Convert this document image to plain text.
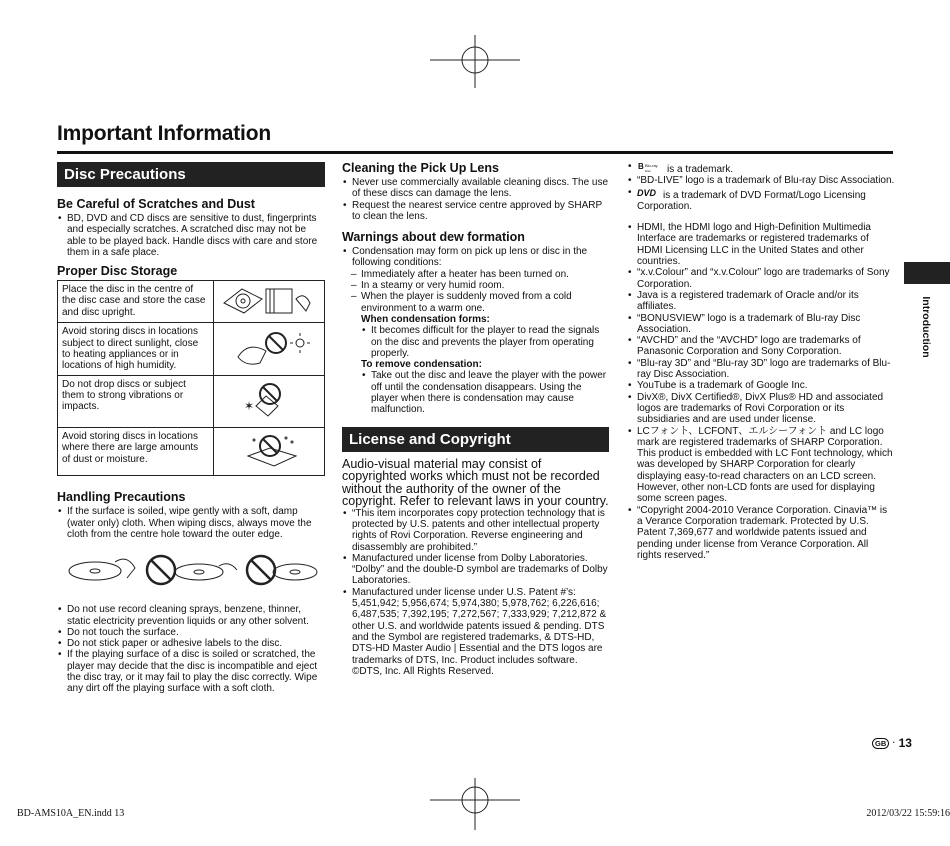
Important Information
Disc Precautions
Be Careful of Scratches and Dust
• BD, DVD and CD discs are sensitive to dust, fingerprints and especially scratches. A scratched disc may not be able to be played back. Handle discs with care and store them in a safe place.
Proper Disc Storage
Place the disc in the centre of the disc case and store the case and disc upright.	
Avoid storing discs in locations subject to direct sunlight, close to heating appliances or in locations of high humidity.	
Do not drop discs or subject them to strong vibrations or impacts.	✶

Avoid storing discs in locations where there are large amounts of dust or moisture.	
Handling Precautions
• If the surface is soiled, wipe gently with a soft, damp (water only) cloth. When wiping discs, always move the cloth from the centre hole toward the outer edge.
• Do not use record cleaning sprays, benzene, thinner, static electricity prevention liquids or any other solvent.
• Do not touch the surface.
• Do not stick paper or adhesive labels to the disc.
• If the playing surface of a disc is soiled or scratched, the player may decide that the disc is incompatible and eject the disc tray, or it may fail to play the disc correctly. Wipe any dirt off the playing surface with a soft cloth.
Cleaning the Pick Up Lens
• Never use commercially available cleaning discs. The use of these discs can damage the lens.
• Request the nearest service centre approved by SHARP to clean the lens.
Warnings about dew formation
• Condensation may form on pick up lens or disc in the following conditions:
– Immediately after a heater has been turned on.
– In a steamy or very humid room.
– When the player is suddenly moved from a cold environment to a warm one.
When condensation forms:
• It becomes difficult for the player to read the signals on the disc and prevents the player from operating properly.
To remove condensation:
• Take out the disc and leave the player with the power off until the condensation disappears. Using the player when there is condensation may cause malfunction.
License and Copyright
Audio-visual material may consist of copyrighted works which must not be recorded without the authority of the owner of the copyright. Refer to relevant laws in your country.
• “This item incorporates copy protection technology that is protected by U.S. patents and other intellectual property rights of Rovi Corporation. Reverse engineering and disassembly are prohibited.”
• Manufactured under license from Dolby Laboratories. “Dolby” and the double-D symbol are trademarks of Dolby Laboratories.
• Manufactured under license under U.S. Patent #’s: 5,451,942; 5,956,674; 5,974,380; 5,978,762; 6,226,616; 6,487,535; 7,392,195; 7,272,567; 7,333,929; 7,212,872 & other U.S. and worldwide patents issued & pending. DTS and the Symbol are registered trademarks, & DTS-HD, DTS-HD Master Audio | Essential and the DTS logos are trademarks of DTS, Inc. Product includes software. ©DTS, Inc. All Rights Reserved.
• B Blu-ray
Disc is a trademark.
• “BD-LIVE” logo is a trademark of Blu-ray Disc Association.
• DVD is a trademark of DVD Format/Logo Licensing Corporation.
• HDMI, the HDMI logo and High-Definition Multimedia Interface are trademarks or registered trademarks of HDMI Licensing LLC in the United States and other countries.
• “x.v.Colour” and “x.v.Colour” logo are trademarks of Sony Corporation.
• Java is a registered trademark of Oracle and/or its affiliates.
• “BONUSVIEW” logo is a trademark of Blu-ray Disc Association.
• “AVCHD” and the “AVCHD” logo are trademarks of Panasonic Corporation and Sony Corporation.
• “Blu-ray 3D” and “Blu-ray 3D” logo are trademarks of Blu-ray Disc Association.
• YouTube is a trademark of Google Inc.
• DivX®, DivX Certified®, DivX Plus® HD and associated logos are trademarks of Rovi Corporation or its subsidiaries and are used under license.
• LCフォント、LCFONT、エルシーフォント and LC logo mark are registered trademarks of SHARP Corporation. This product is embedded with LC Font technology, which was developed by SHARP Corporation for clearly displaying easy-to-read characters on an LCD screen. However, other non-LCD fonts are used for displaying some screen pages.
• “Copyright 2004-2010 Verance Corporation. Cinavia™ is a Verance Corporation trademark. Protected by U.S. Patent 7,369,677 and worldwide patents issued and pending under license from Verance Corporation. All rights reserved.”
Introduction
GB · 13
BD-AMS10A_EN.indd 13	2012/03/22 15:59:16
